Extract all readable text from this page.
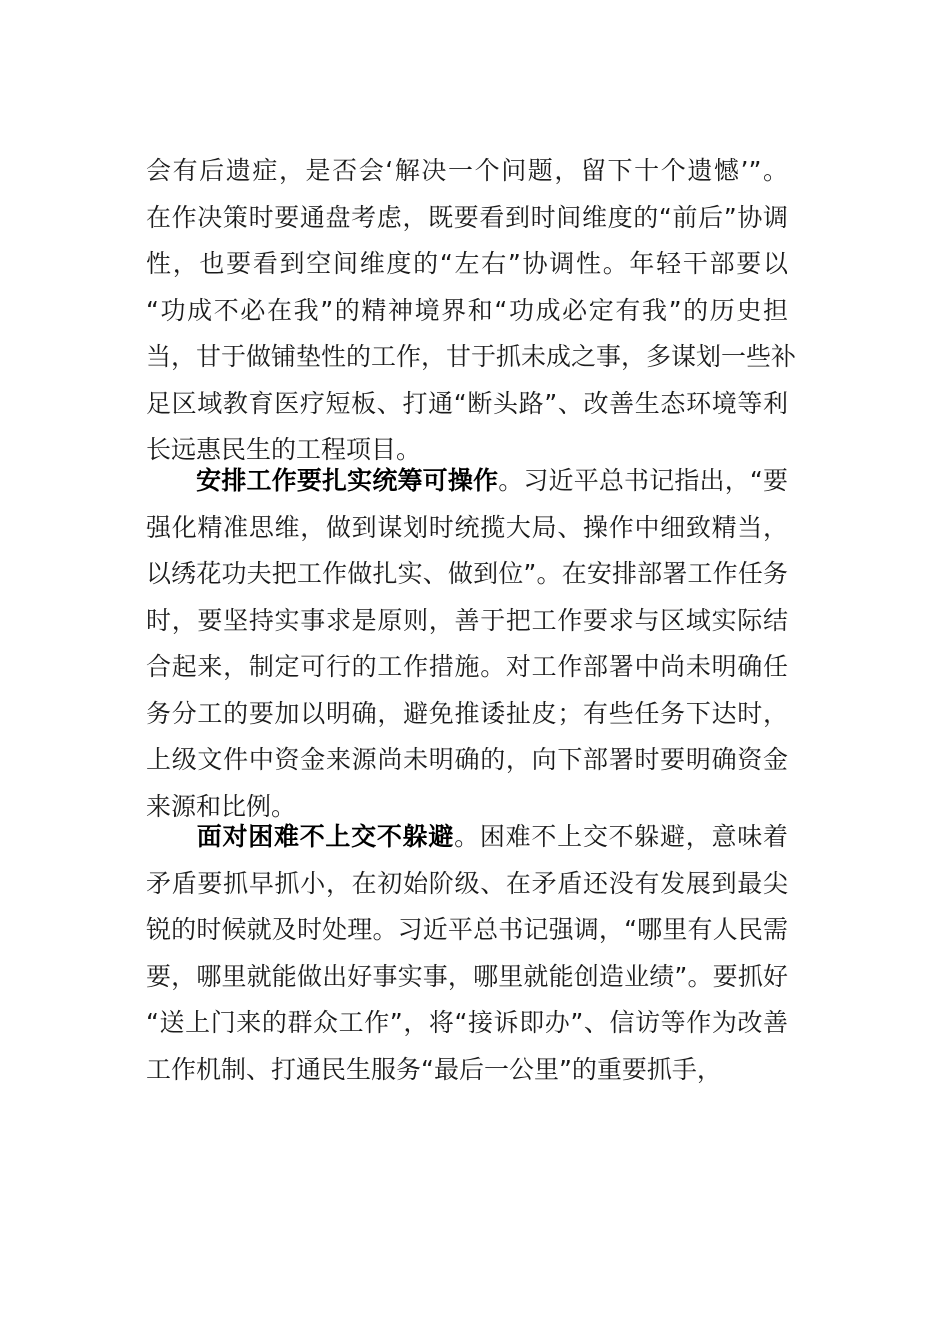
会有后遗症，是否会‘解决一个问题，留下十个遗憾’”。
在作决策时要通盘考虑，既要看到时间维度的“前后”协调
性，也要看到空间维度的“左右”协调性。年轻干部要以
“功成不必在我”的精神境界和“功成必定有我”的历史担
当，甘于做铺垫性的工作，甘于抓未成之事，多谋划一些补
足区域教育医疗短板、打通“断头路”、改善生态环境等利
长远惠民生的工程项目。
安排工作要扎实统筹可操作。习近平总书记指出，“要
强化精准思维，做到谋划时统揽大局、操作中细致精当，
以绣花功夫把工作做扎实、做到位”。在安排部署工作任务
时，要坚持实事求是原则，善于把工作要求与区域实际结
合起来，制定可行的工作措施。对工作部署中尚未明确任
务分工的要加以明确，避免推诿扯皮；有些任务下达时，
上级文件中资金来源尚未明确的，向下部署时要明确资金
来源和比例。
面对困难不上交不躲避。困难不上交不躲避，意味着
矛盾要抓早抓小，在初始阶级、在矛盾还没有发展到最尖
锐的时候就及时处理。习近平总书记强调，“哪里有人民需
要，哪里就能做出好事实事，哪里就能创造业绩”。要抓好
“送上门来的群众工作”，将“接诉即办”、信访等作为改善
工作机制、打通民生服务“最后一公里”的重要抓手，
